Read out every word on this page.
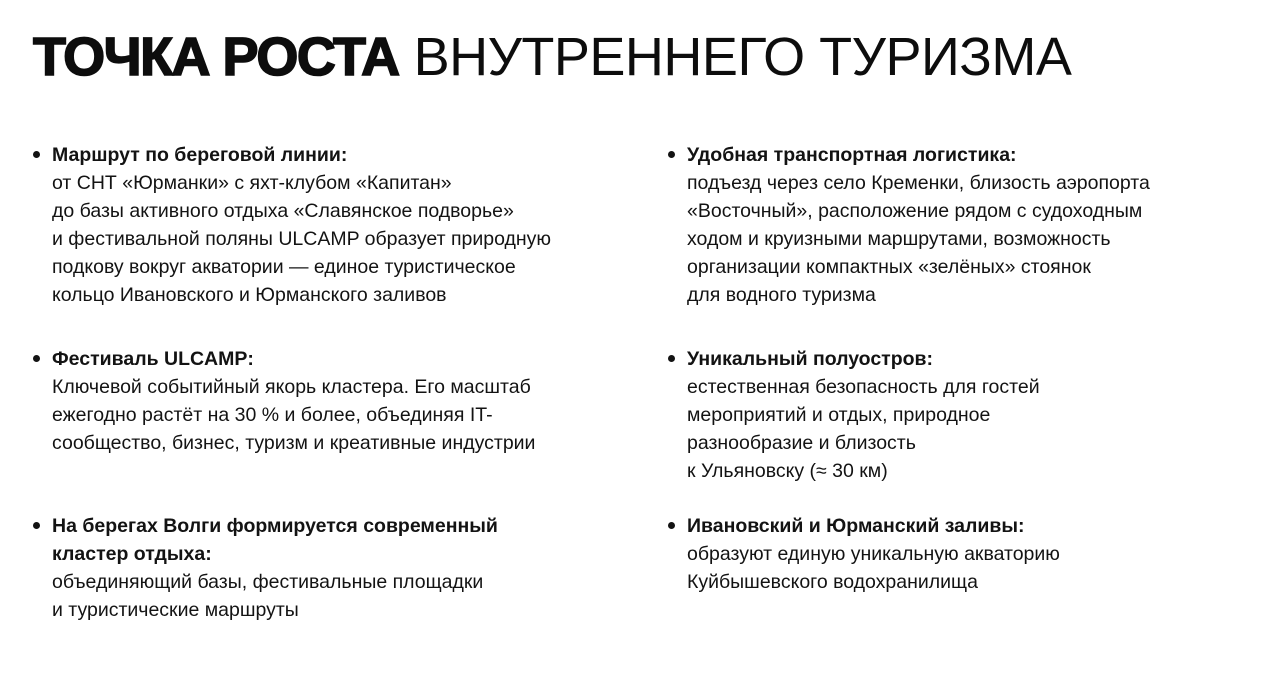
ТОЧКА РОСТА ВНУТРЕННЕГО ТУРИЗМА
Маршрут по береговой линии:
от СНТ «Юрманки» с яхт-клубом «Капитан»
до базы активного отдыха «Славянское подворье»
и фестивальной поляны ULCAMP образует природную
подкову вокруг акватории — единое туристическое
кольцо Ивановского и Юрманского заливов
Фестиваль ULCAMP:
Ключевой событийный якорь кластера. Его масштаб
ежегодно растёт на 30 % и более, объединяя IT-
сообщество, бизнес, туризм и креативные индустрии
На берегах Волги формируется современный
кластер отдыха:
объединяющий базы, фестивальные площадки
и туристические маршруты
Удобная транспортная логистика:
подъезд через село Кременки, близость аэропорта
«Восточный», расположение рядом с судоходным
ходом и круизными маршрутами, возможность
организации компактных «зелёных» стоянок
для водного туризма
Уникальный полуостров:
естественная безопасность для гостей
мероприятий и отдых, природное
разнообразие и близость
к Ульяновску (≈ 30 км)
Ивановский и Юрманский заливы:
образуют единую уникальную акваторию
Куйбышевского водохранилища
